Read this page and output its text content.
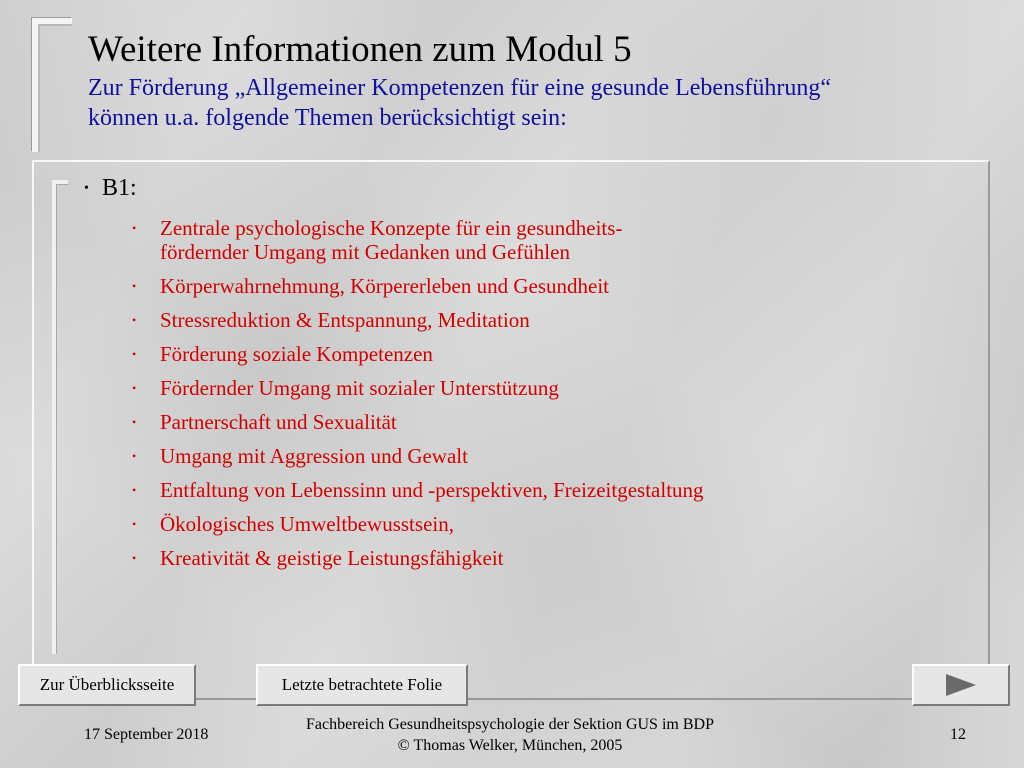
Weitere Informationen zum Modul 5
Zur Förderung „Allgemeiner Kompetenzen für eine gesunde Lebensführung“
können u.a. folgende Themen berücksichtigt sein:
• B1:
•	Zentrale psychologische Konzepte für ein gesundheits-
fördernder Umgang mit Gedanken und Gefühlen
•	Körperwahrnehmung, Körpererleben und Gesundheit
•	Stressreduktion & Entspannung, Meditation
•	Förderung soziale Kompetenzen
•	Fördernder Umgang mit sozialer Unterstützung
•	Partnerschaft und Sexualität
•	Umgang mit Aggression und Gewalt
•	Entfaltung von Lebenssinn und -perspektiven, Freizeitgestaltung
•	Ökologisches Umweltbewusstsein,
•	Kreativität & geistige Leistungsfähigkeit
Zur Überblicksseite	Letzte betrachtete Folie
17 September 2018
Fachbereich Gesundheitspsychologie der Sektion GUS im BDP
© Thomas Welker, München, 2005
12
